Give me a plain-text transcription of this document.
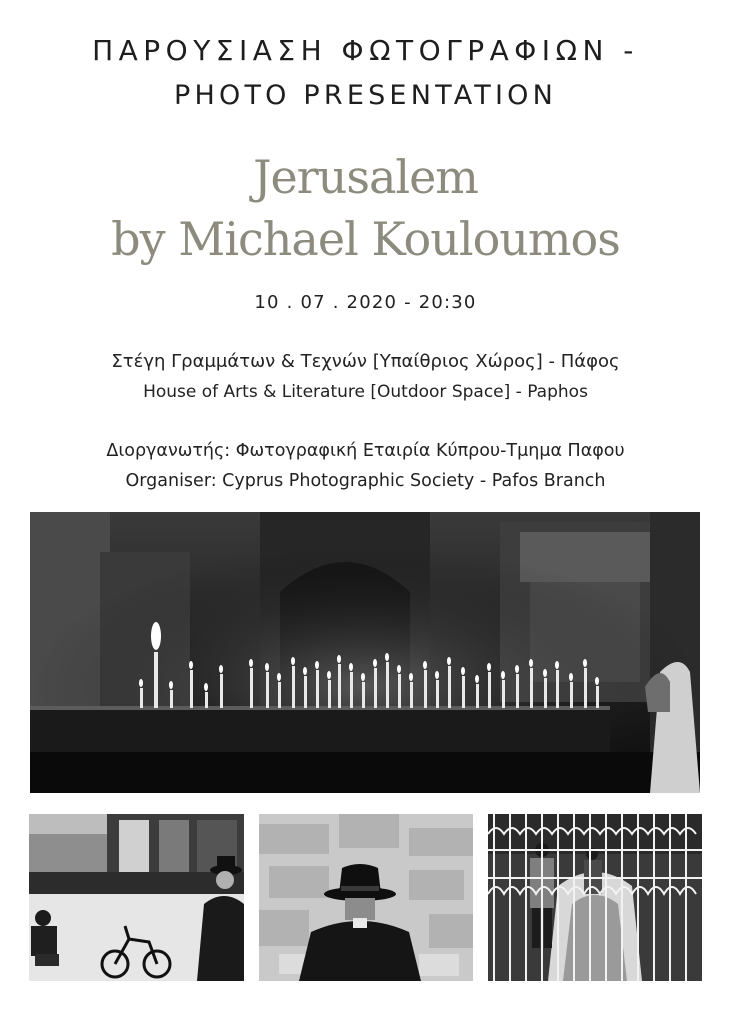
ΠΑΡΟΥΣΙΑΣΗ ΦΩΤΟΓΡΑΦΙΩΝ -
PHOTO PRESENTATION
Jerusalem
by Michael Kouloumos
10 . 07 . 2020 - 20:30
Στέγη Γραμμάτων & Τεχνών [Υπαίθριος Χώρος] - Πάφος
House of Arts & Literature [Outdoor Space] - Paphos
Διοργανωτής: Φωτογραφική Εταιρία Κύπρου-Τμημα Παφου
Organiser: Cyprus Photographic Society - Pafos Branch
